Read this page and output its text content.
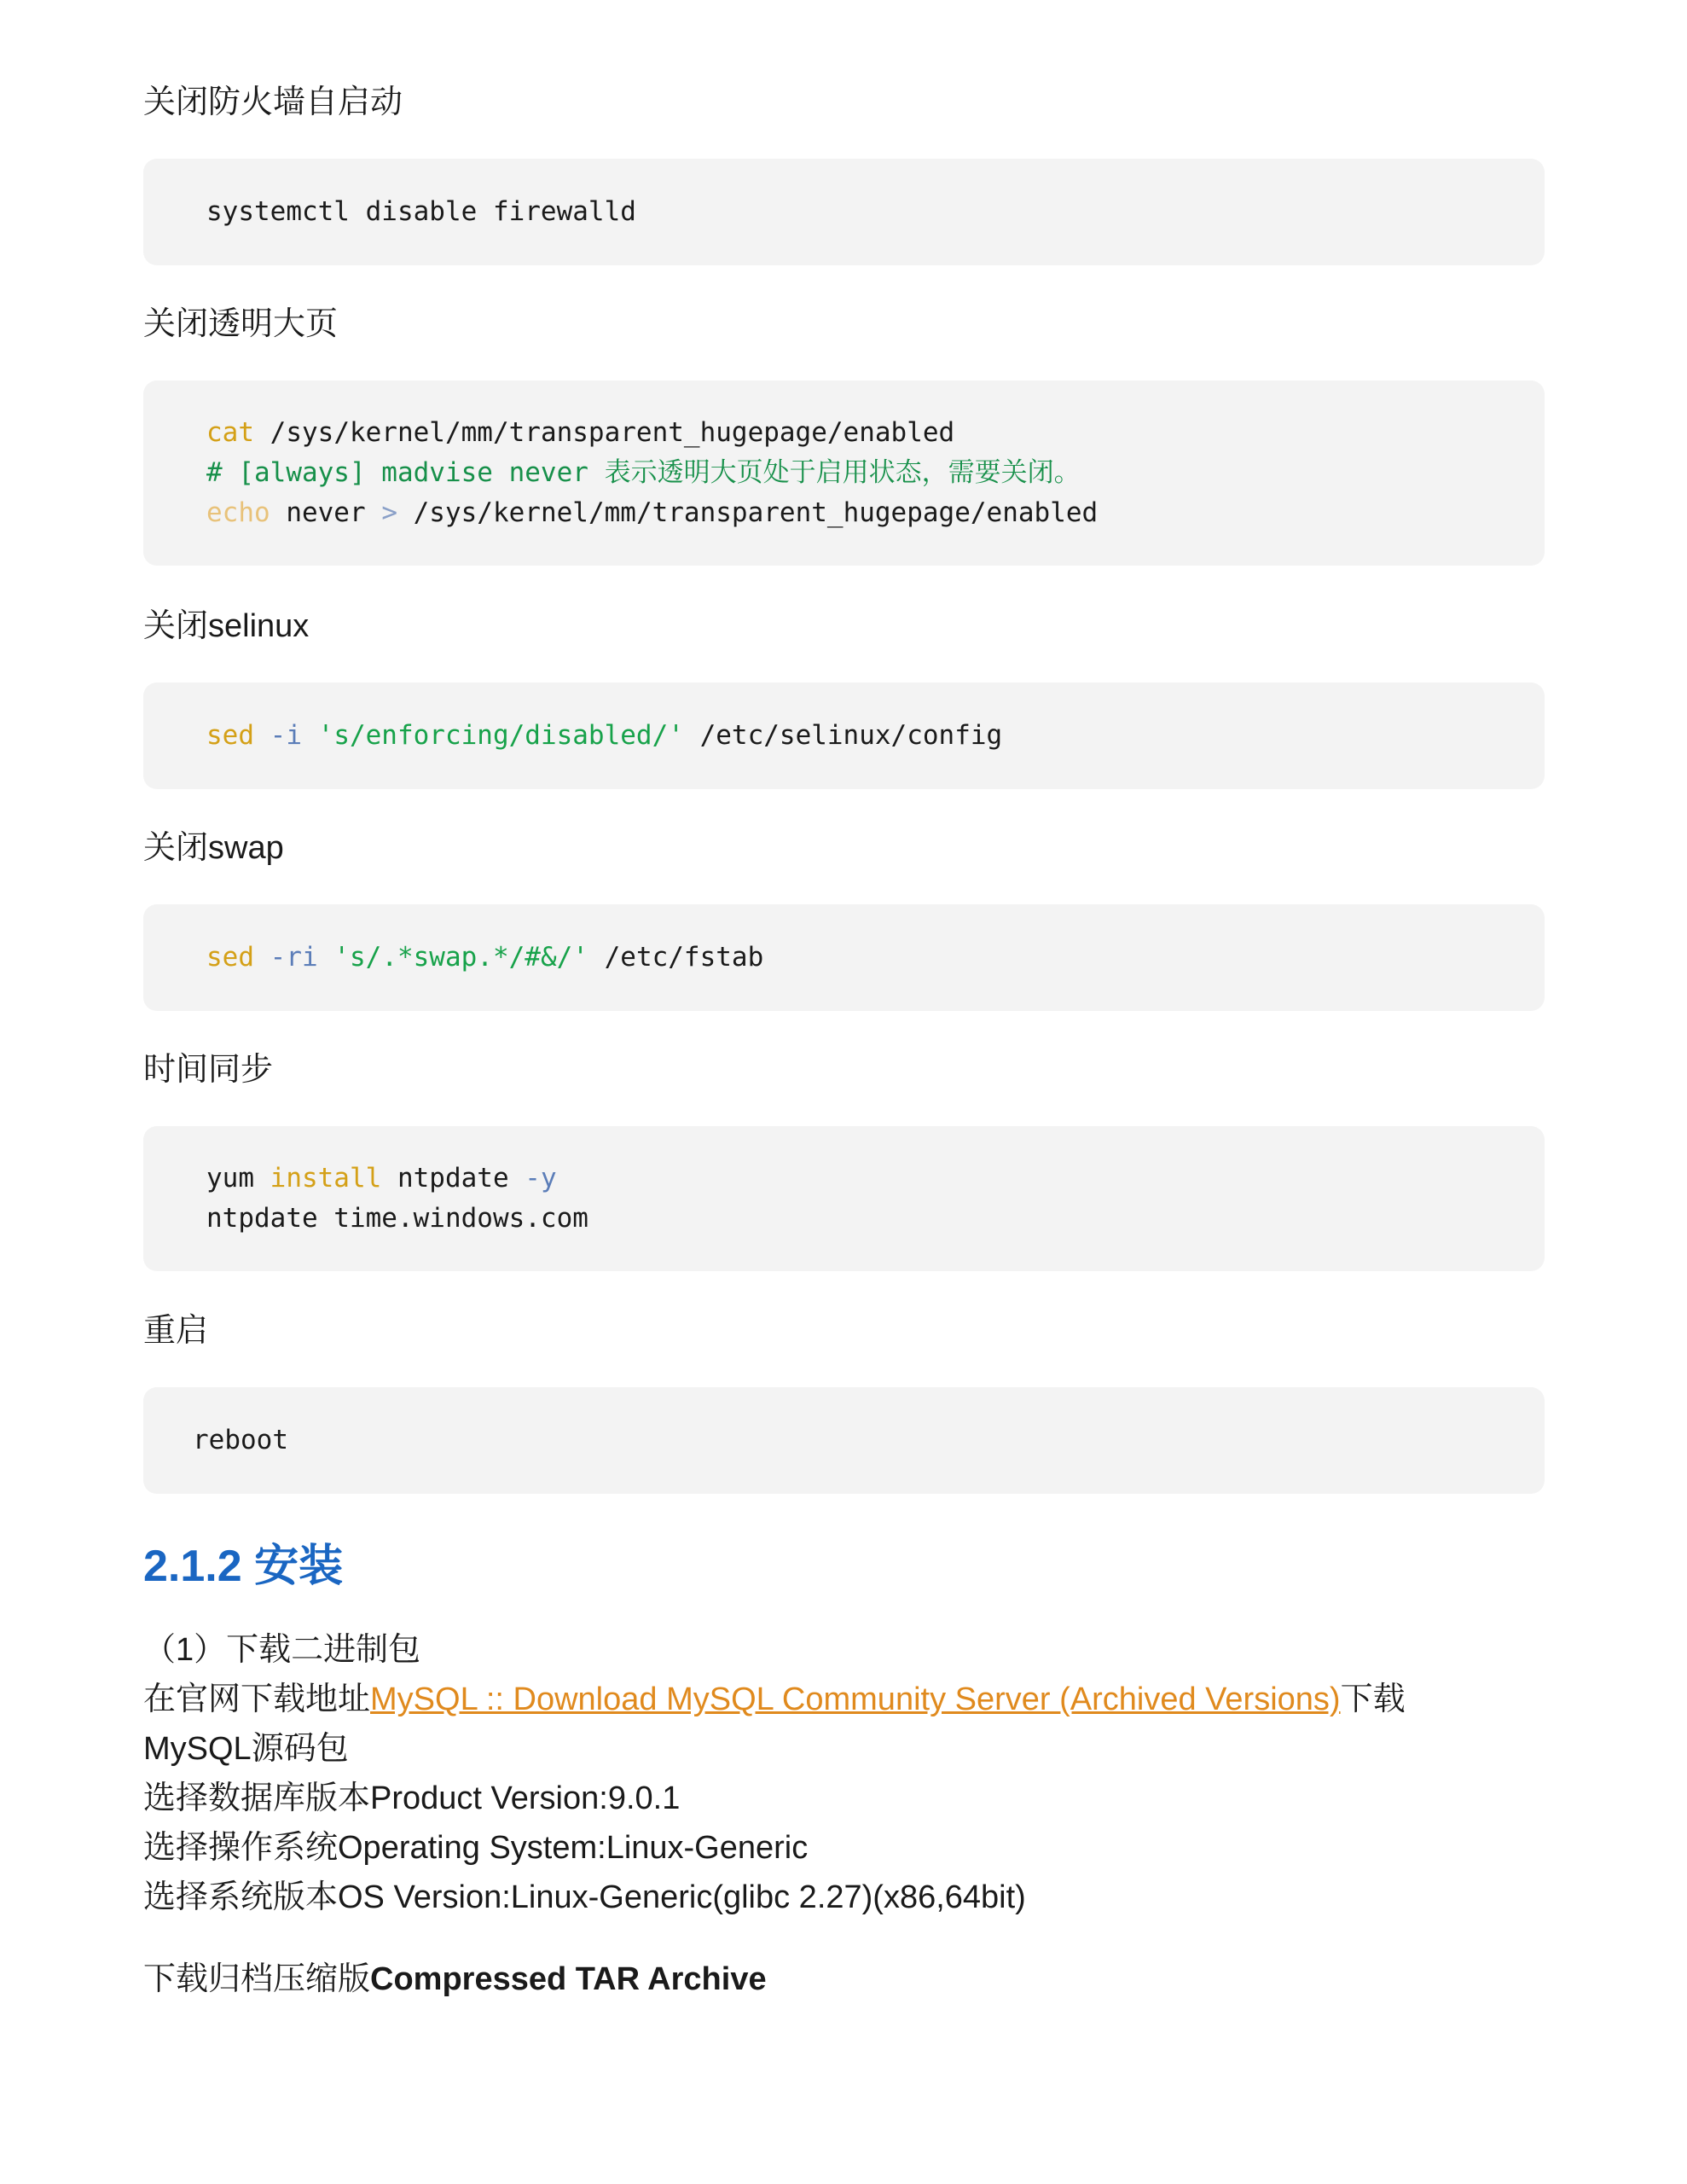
关闭防火墙自启动

systemctl disable firewalld

关闭透明大页

cat /sys/kernel/mm/transparent_hugepage/enabled
# [always] madvise never 表示透明大页处于启用状态，需要关闭。
echo never > /sys/kernel/mm/transparent_hugepage/enabled

关闭selinux

sed -i 's/enforcing/disabled/' /etc/selinux/config

关闭swap

sed -ri 's/.*swap.*/#&/' /etc/fstab

时间同步

yum install ntpdate -y
ntpdate time.windows.com

重启

reboot
2.1.2 安装
（1）下载二进制包
在官网下载地址MySQL :: Download MySQL Community Server (Archived Versions)下载
MySQL源码包
选择数据库版本Product Version:9.0.1
选择操作系统Operating System:Linux-Generic
选择系统版本OS Version:Linux-Generic(glibc 2.27)(x86,64bit)
下载归档压缩版Compressed TAR Archive
